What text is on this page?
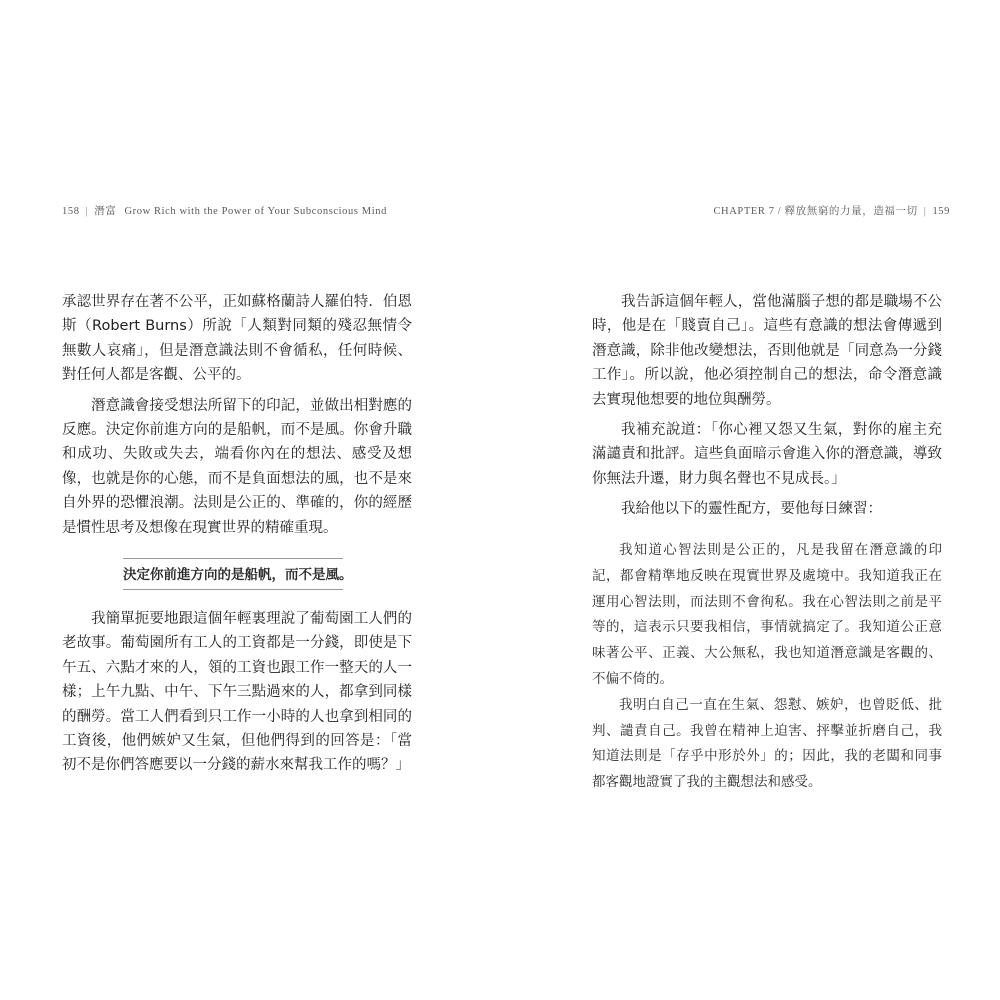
158 | 潛富 Grow Rich with the Power of Your Subconscious Mind

承認世界存在著不公平，正如蘇格蘭詩人羅伯特．伯恩斯（Robert Burns）所說「人類對同類的殘忍無情令無數人哀痛」，但是潛意識法則不會循私，任何時候、對任何人都是客觀、公平的。

潛意識會接受想法所留下的印記，並做出相對應的反應。決定你前進方向的是船帆，而不是風。你會升職和成功、失敗或失去，端看你內在的想法、感受及想像，也就是你的心態，而不是負面想法的風，也不是來自外界的恐懼浪潮。法則是公正的、準確的，你的經歷是慣性思考及想像在現實世界的精確重現。

決定你前進方向的是船帆，而不是風。

我簡單扼要地跟這個年輕裏理說了葡萄園工人們的老故事。葡萄園所有工人的工資都是一分錢，即使是下午五、六點才來的人，領的工資也跟工作一整天的人一樣；上午九點、中午、下午三點過來的人，都拿到同樣的酬勞。當工人們看到只工作一小時的人也拿到相同的工資後，他們嫉妒又生氣，但他們得到的回答是：「當初不是你們答應要以一分錢的薪水來幫我工作的嗎？」

CHAPTER 7 / 釋放無窮的力量，造福一切 | 159

我告訴這個年輕人，當他滿腦子想的都是職場不公時，他是在「賤賣自己」。這些有意識的想法會傳遞到潛意識，除非他改變想法，否則他就是「同意為一分錢工作」。所以說，他必須控制自己的想法，命令潛意識去實現他想要的地位與酬勞。

我補充說道：「你心裡又怨又生氣，對你的雇主充滿譴責和批評。這些負面暗示會進入你的潛意識，導致你無法升遷，財力與名聲也不見成長。」

我給他以下的靈性配方，要他每日練習：

我知道心智法則是公正的，凡是我留在潛意識的印記，都會精準地反映在現實世界及處境中。我知道我正在運用心智法則，而法則不會徇私。我在心智法則之前是平等的，這表示只要我相信，事情就搞定了。我知道公正意味著公平、正義、大公無私，我也知道潛意識是客觀的、不偏不倚的。

我明白自己一直在生氣、怨懟、嫉妒，也曾貶低、批判、譴責自己。我曾在精神上迫害、抨擊並折磨自己，我知道法則是「存乎中形於外」的；因此，我的老闆和同事都客觀地證實了我的主觀想法和感受。
